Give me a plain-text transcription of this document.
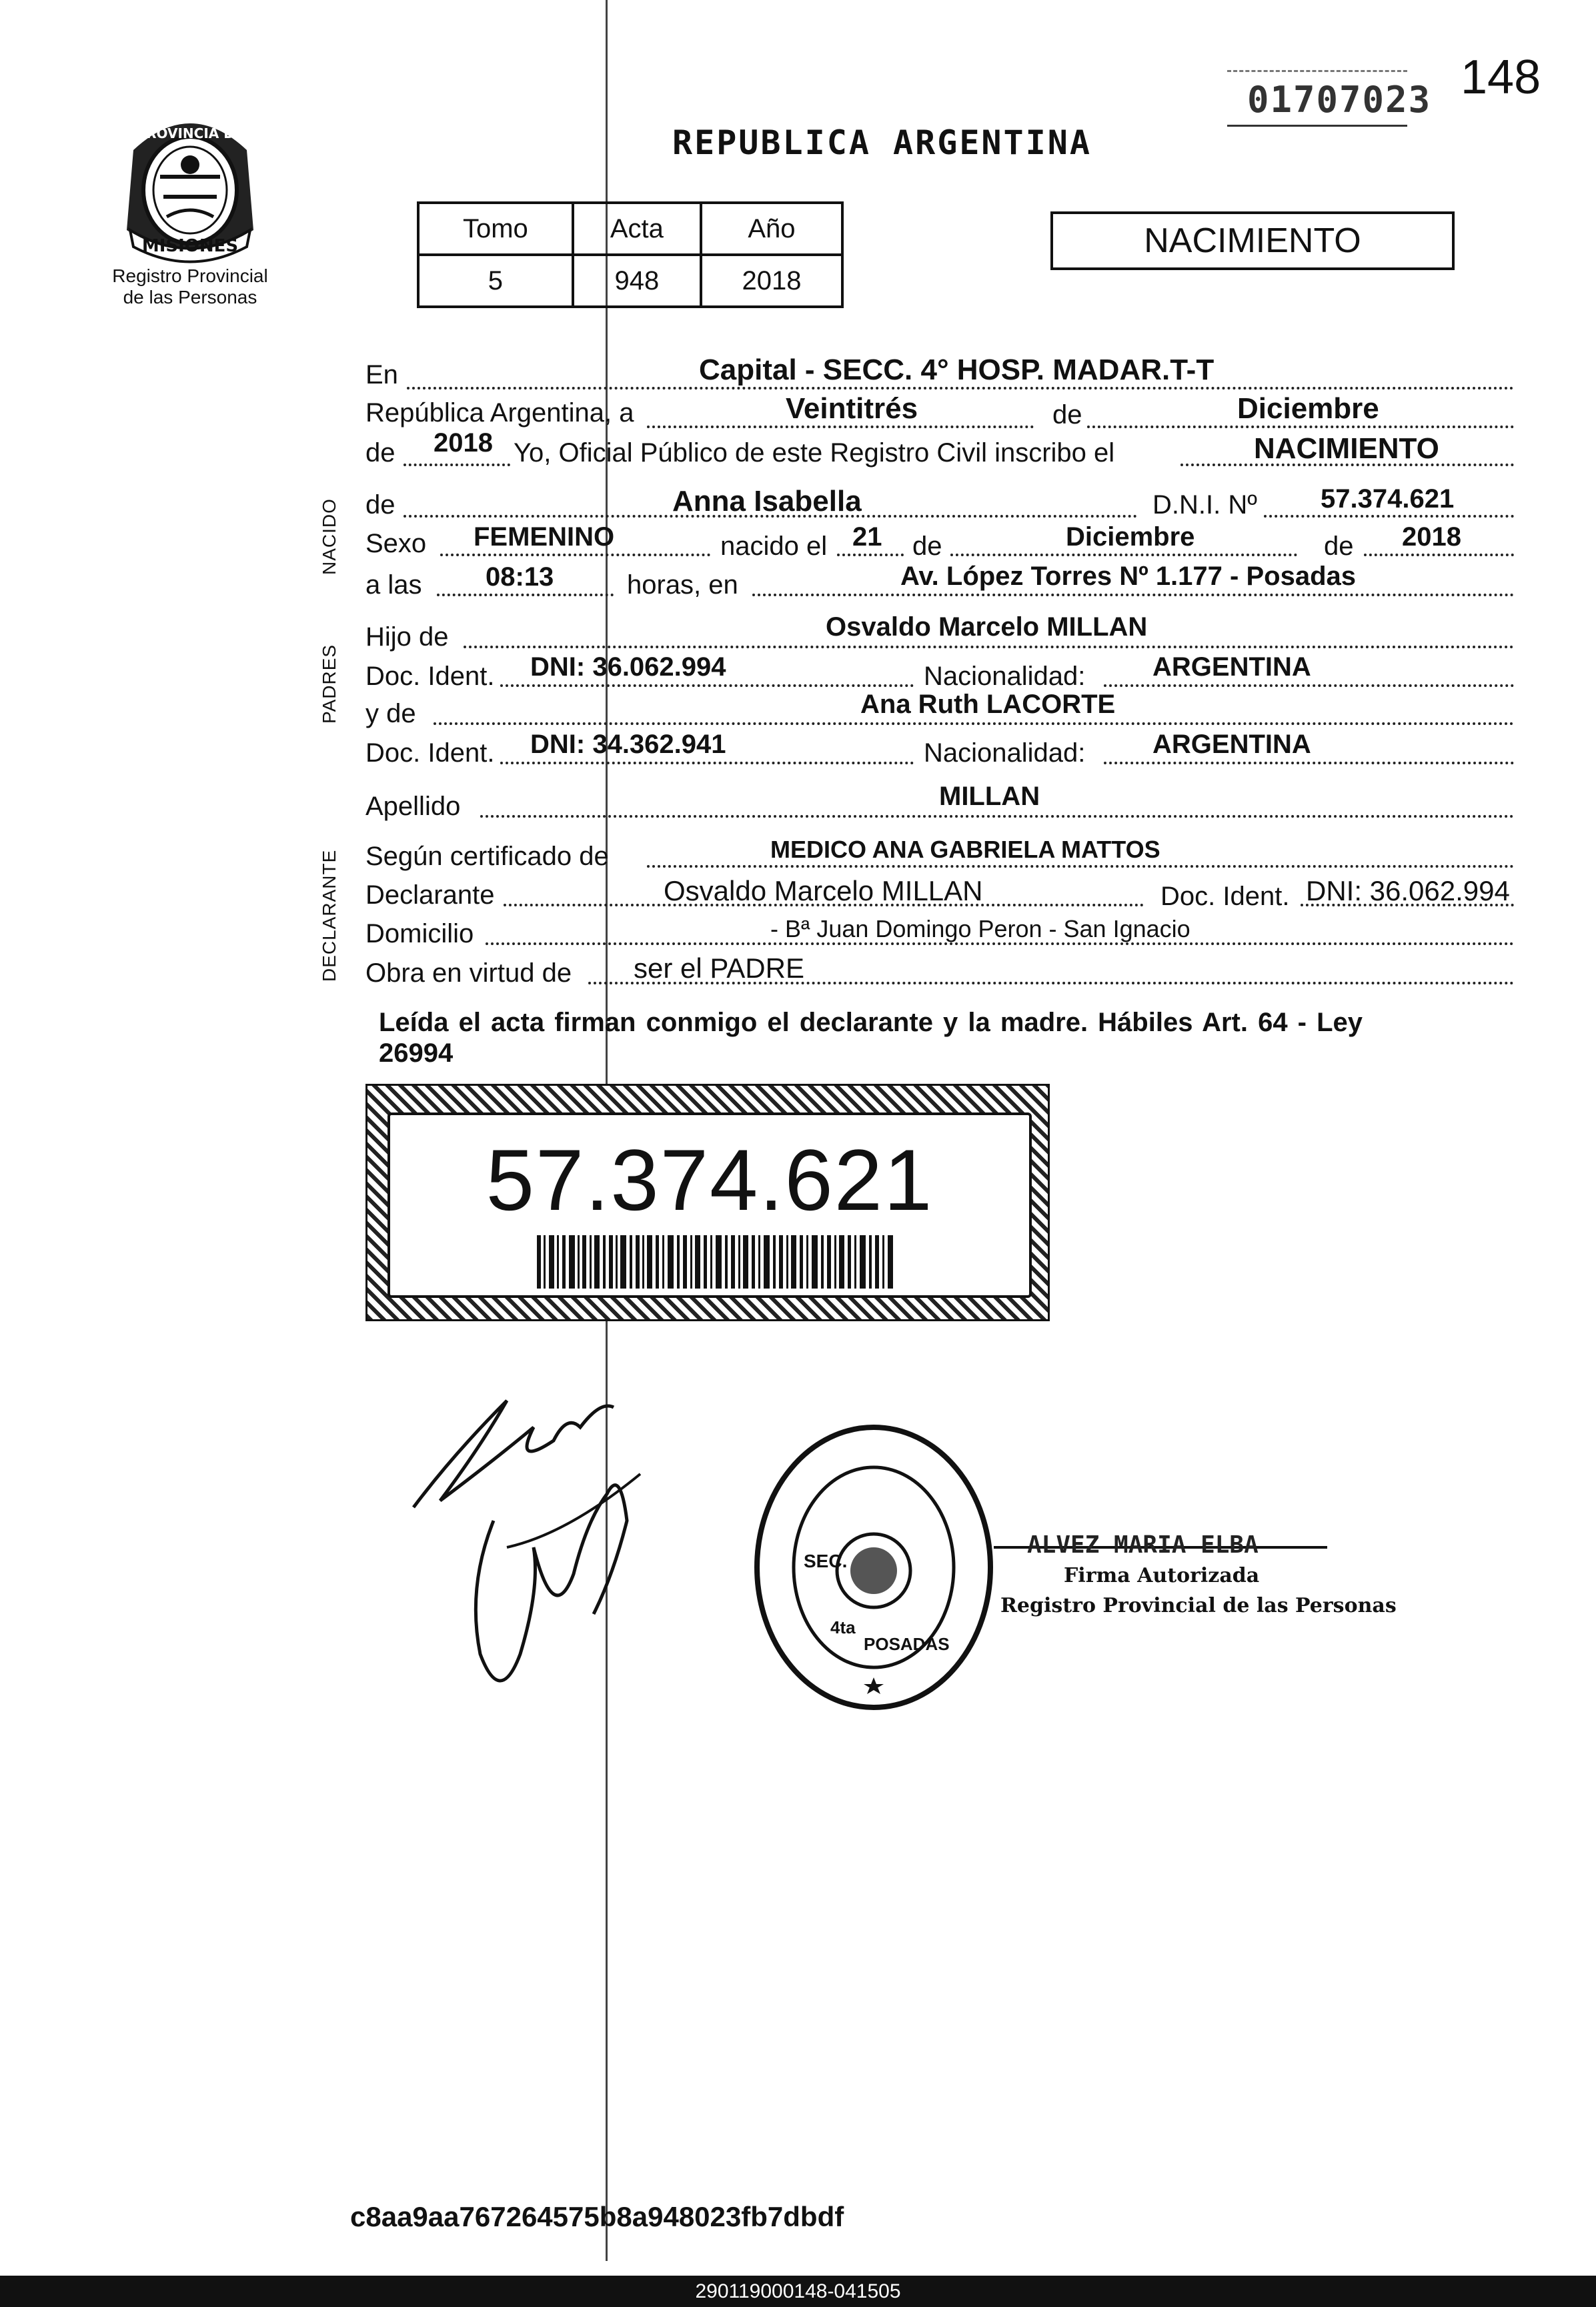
148
01707023
MISIONES
PROVINCIA DE
Registro Provincial
de las Personas
REPUBLICA ARGENTINA
Tomo	Acta	Año
5	948	2018
NACIMIENTO
NACIDO
PADRES
DECLARANTE
En	Capital - SECC. 4° HOSP. MADAR.T-T
República Argentina, a	Veintitrés	de	Diciembre
de 2018 Yo, Oficial Público de este Registro Civil inscribo el	NACIMIENTO
de	Anna Isabella	D.N.I. Nº 57.374.621
Sexo FEMENINO	nacido el 21 de	Diciembre	de 2018
a las 08:13	horas, en	Av. López Torres Nº 1.177 - Posadas
Hijo de	Osvaldo Marcelo MILLAN
Doc. Ident. DNI: 36.062.994	Nacionalidad:	ARGENTINA
y de	Ana Ruth LACORTE
Doc. Ident. DNI: 34.362.941	Nacionalidad:	ARGENTINA
Apellido	MILLAN
Según certificado de	MEDICO ANA GABRIELA MATTOS
Declarante	Osvaldo Marcelo MILLAN	Doc. Ident. DNI: 36.062.994
Domicilio	- Bª Juan Domingo Peron - San Ignacio
Obra en virtud de ser el PADRE
Leída el acta firman conmigo el declarante y la madre. Hábiles Art. 64 - Ley
26994
57.374.621
SEC.
4ta
POSADAS
ALVEZ MARIA ELBA
Firma Autorizada
Registro Provincial de las Personas
c8aa9aa767264575b8a948023fb7dbdf
290119000148-041505
